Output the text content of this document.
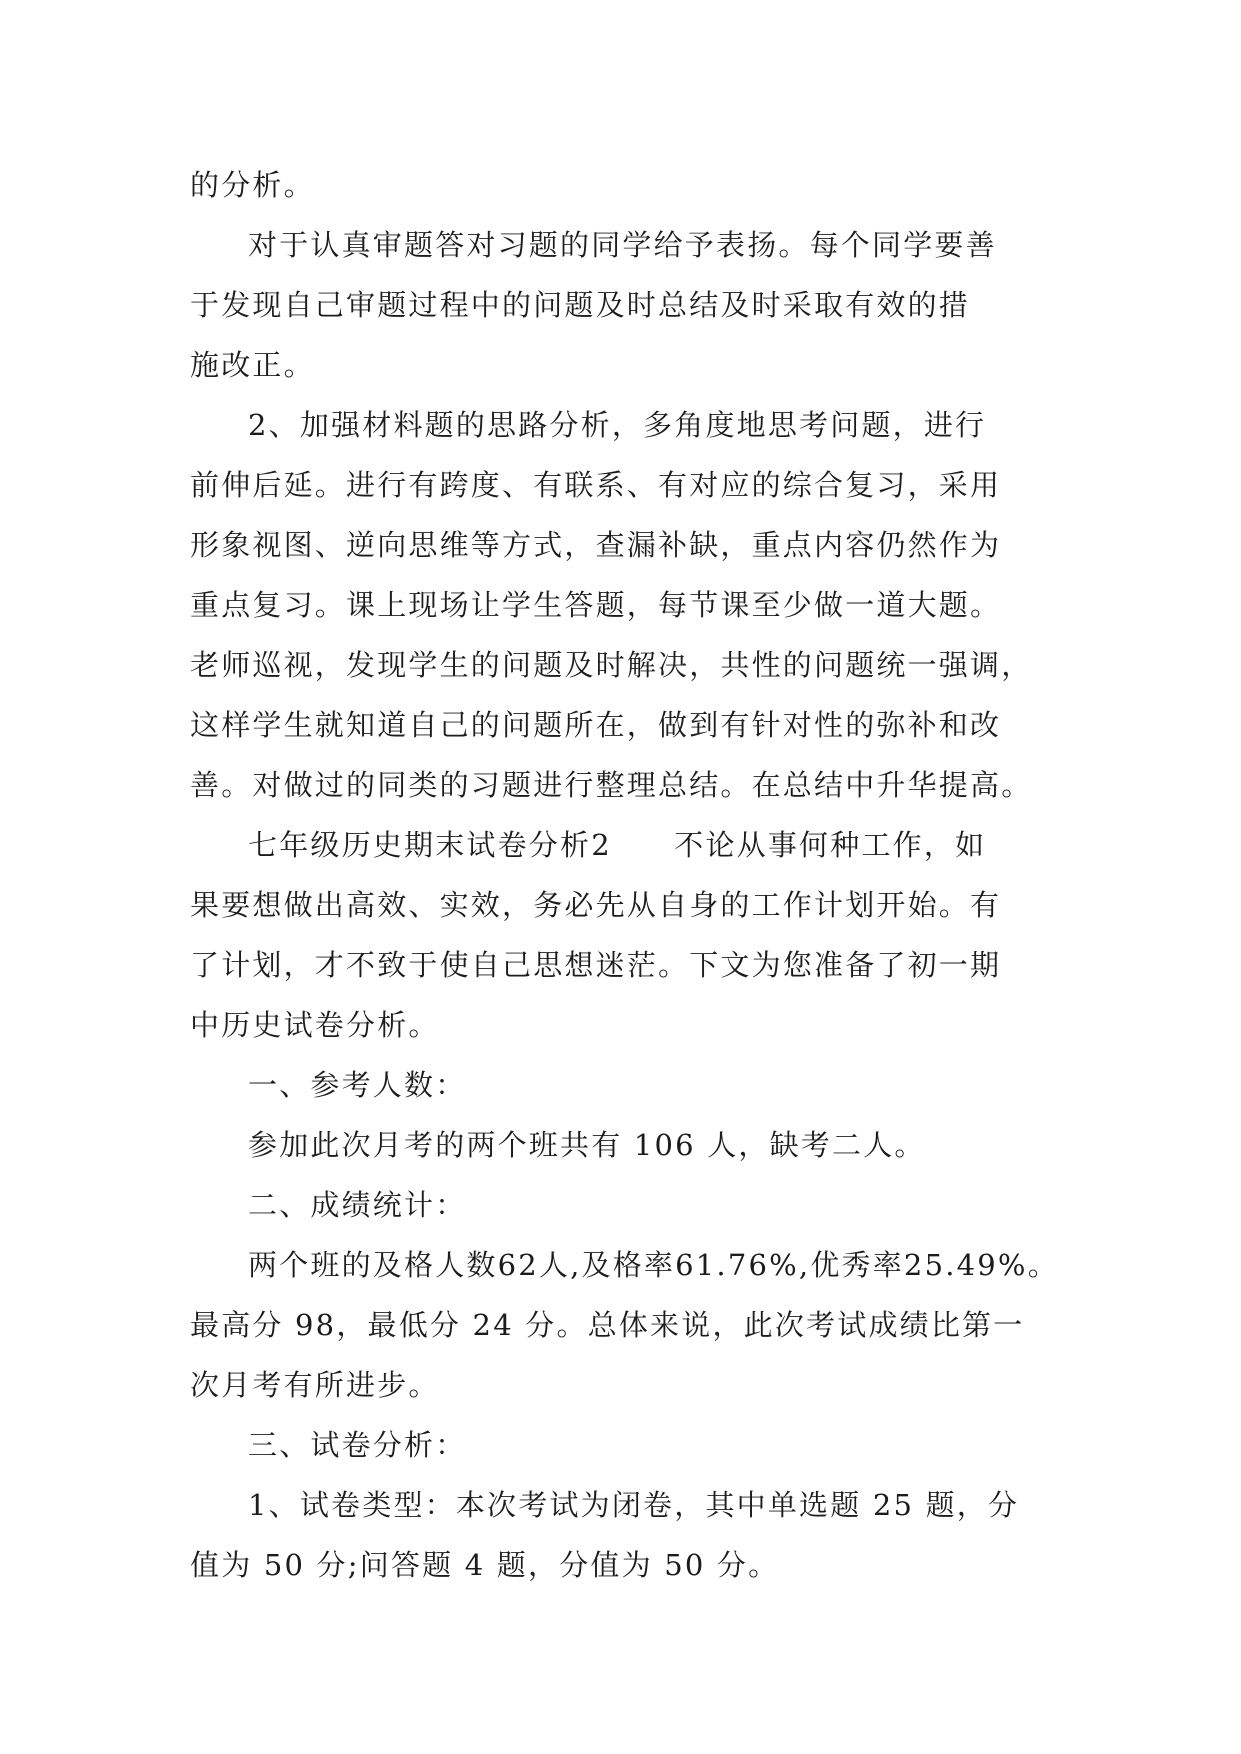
的分析。

对于认真审题答对习题的同学给予表扬。每个同学要善
于发现自己审题过程中的问题及时总结及时采取有效的措
施改正。

2、加强材料题的思路分析，多角度地思考问题，进行
前伸后延。进行有跨度、有联系、有对应的综合复习，采用
形象视图、逆向思维等方式，查漏补缺，重点内容仍然作为
重点复习。课上现场让学生答题，每节课至少做一道大题。
老师巡视，发现学生的问题及时解决，共性的问题统一强调，
这样学生就知道自己的问题所在，做到有针对性的弥补和改
善。对做过的同类的习题进行整理总结。在总结中升华提高。

七年级历史期末试卷分析2　　不论从事何种工作，如
果要想做出高效、实效，务必先从自身的工作计划开始。有
了计划，才不致于使自己思想迷茫。下文为您准备了初一期
中历史试卷分析。

一、参考人数：

参加此次月考的两个班共有 106 人，缺考二人。

二、成绩统计：

两个班的及格人数62人,及格率61.76%,优秀率25.49%。
最高分 98，最低分 24 分。总体来说，此次考试成绩比第一
次月考有所进步。

三、试卷分析：

1、试卷类型：本次考试为闭卷，其中单选题 25 题，分
值为 50 分;问答题 4 题，分值为 50 分。
